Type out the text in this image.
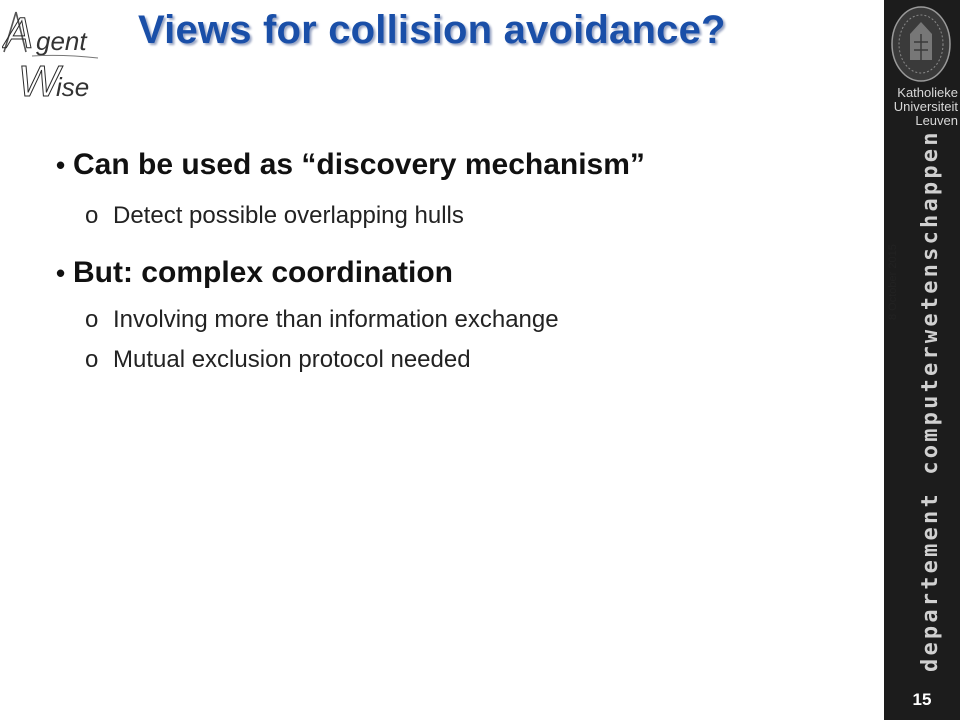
A gent
W
ise
Views for collision avoidance?
• Can be used as “discovery mechanism”
o Detect possible overlapping hulls
• But: complex coordination
o Involving more than information exchange
o Mutual exclusion protocol needed
Katholieke
Universiteit
Leuven
departement computerwetenschappen
8 October 2015
15
